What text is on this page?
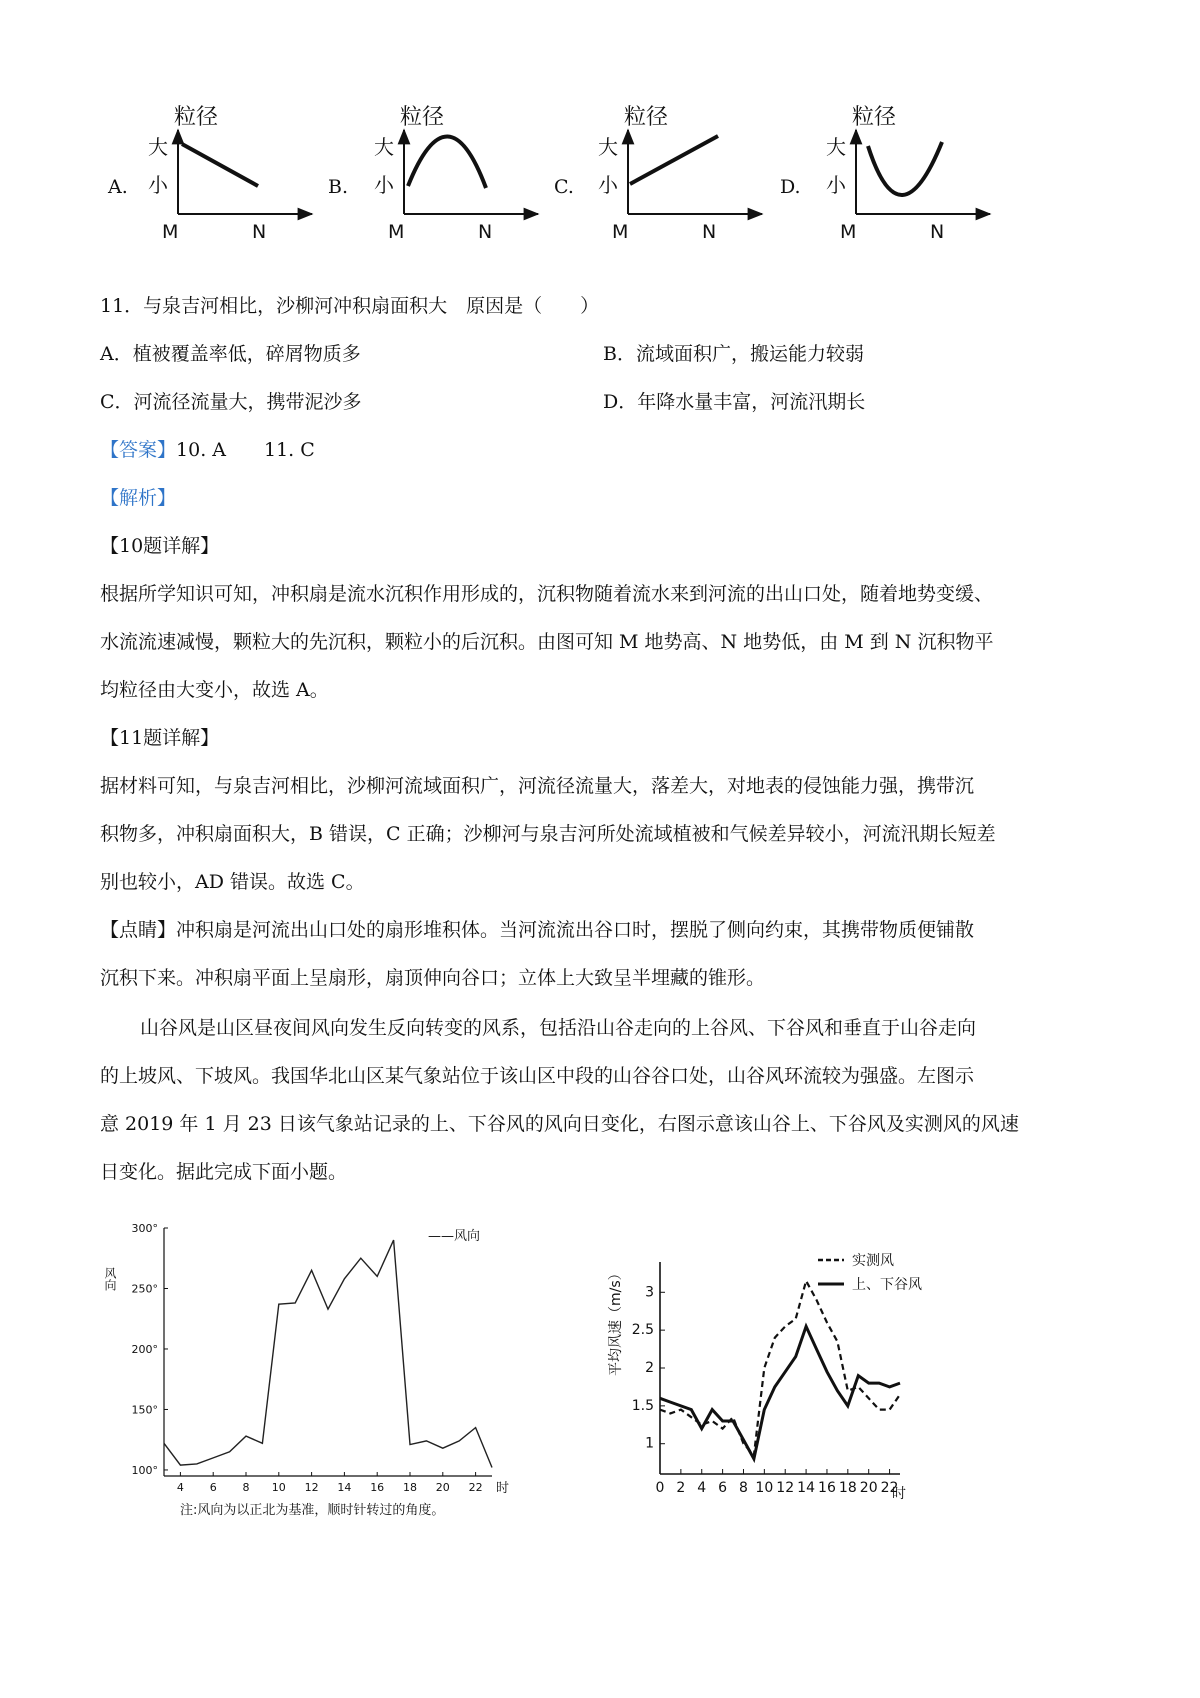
A.
粒径
大
小
M	N
B.
粒径
大
小
M	N
C.
粒径
大
小
M	N
D.
粒径
大
小
M	N
11．与泉吉河相比，沙柳河冲积扇面积大　原因是（　　）
A．植被覆盖率低，碎屑物质多	B．流域面积广，搬运能力较弱
C．河流径流量大，携带泥沙多	D．年降水量丰富，河流汛期长
【答案】10. A　　11. C
【解析】
【10题详解】
根据所学知识可知，冲积扇是流水沉积作用形成的，沉积物随着流水来到河流的出山口处，随着地势变缓、
水流流速减慢，颗粒大的先沉积，颗粒小的后沉积。由图可知 M 地势高、N 地势低，由 M 到 N 沉积物平
均粒径由大变小，故选 A。
【11题详解】
据材料可知，与泉吉河相比，沙柳河流域面积广，河流径流量大，落差大，对地表的侵蚀能力强，携带沉
积物多，冲积扇面积大，B 错误，C 正确；沙柳河与泉吉河所处流域植被和气候差异较小，河流汛期长短差
别也较小，AD 错误。故选 C。
【点睛】冲积扇是河流出山口处的扇形堆积体。当河流流出谷口时，摆脱了侧向约束，其携带物质便铺散
沉积下来。冲积扇平面上呈扇形，扇顶伸向谷口；立体上大致呈半埋藏的锥形。
山谷风是山区昼夜间风向发生反向转变的风系，包括沿山谷走向的上谷风、下谷风和垂直于山谷走向
的上坡风、下坡风。我国华北山区某气象站位于该山区中段的山谷谷口处，山谷风环流较为强盛。左图示
意 2019 年 1 月 23 日该气象站记录的上、下谷风的风向日变化，右图示意该山谷上、下谷风及实测风的风速
日变化。据此完成下面小题。
风向
——风向
时
注:风向为以正北为基准，顺时针转过的角度。
100°
150°
200°
250°
300°
4 6 8 10 12 14 16 18 20 22
平均风速（m/s）
实测风
上、下谷风
时
1
1.5
2
2.5
3
0 2 4 6 8 10 12 14 16 18 20 22
